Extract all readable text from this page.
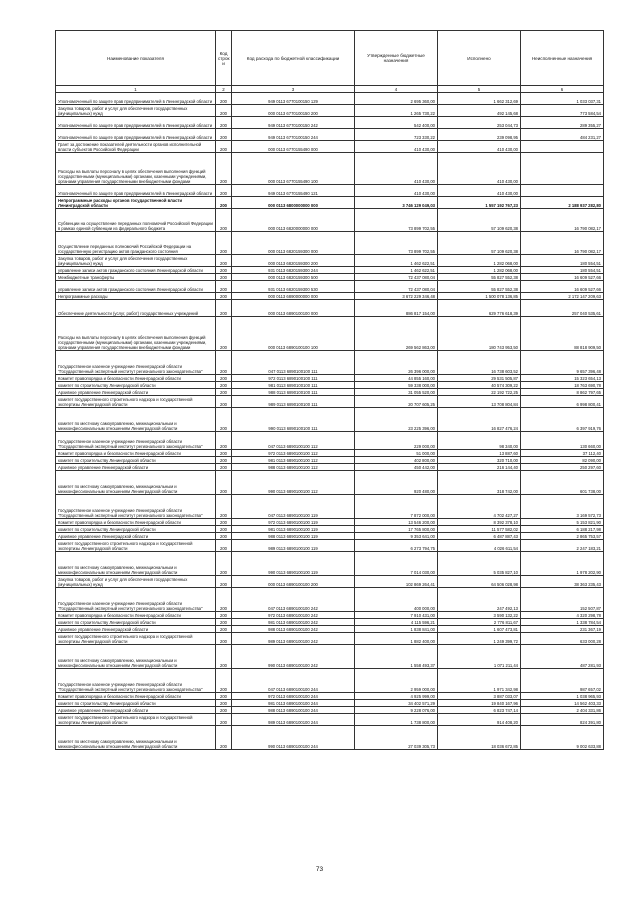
Наименование показателя	Код строк и	Код расхода по бюджетной классификации	Утвержденные бюджетные назначения	Исполнено	Неисполненные назначения
1	2	3	4	5	6
Уполномоченный по защите прав предпринимателей в Ленинградской области	200	949 0113 6770100150 129	2 695 360,00	1 662 312,69	1 033 037,31
Закупка товаров, работ и услуг для обеспечения государственных (муниципальных) нужд	200	000 0113 6770100150 200	1 265 730,22	492 145,68	773 584,54
Уполномоченный по защите прав предпринимателей в Ленинградской области	200	949 0113 6770100150 242	542 400,00	253 044,73	289 355,27
Уполномоченный по защите прав предпринимателей в Ленинградской области	200	949 0113 6770100150 244	723 330,22	239 098,95	484 231,27
Грант за достижение показателей деятельности органов исполнительной власти субъектов Российской Федерации	200	000 0113 6770155490 000	410 430,00	410 430,00	
Расходы на выплаты персоналу в целях обеспечения выполнения функций государственными (муниципальными) органами, казенными учреждениями, органами управления государственными внебюджетными фондами	200	000 0113 6770155490 100	410 430,00	410 430,00	
Уполномоченный по защите прав предпринимателей в Ленинградской области	200	949 0113 6770155490 121	410 430,00	410 430,00	
Непрограммные расходы органов государственной власти Ленинградской области	200	000 0113 6800000000 000	3 746 129 049,03	1 557 192 767,23	2 188 937 282,80
Субвенции на осуществление переданных полномочий Российской Федерации в рамках единой субвенции из федерального бюджета	200	000 0113 6820000000 000	73 899 702,55	57 109 620,38	16 790 082,17
Осуществление переданных полномочий Российской Федерации на государственную регистрацию актов гражданского состояния	200	000 0113 6820159300 000	73 899 702,55	57 109 620,38	16 790 082,17
Закупка товаров, работ и услуг для обеспечения государственных (муниципальных) нужд	200	000 0113 6820159300 200	1 462 622,51	1 282 068,00	180 554,51
управление записи актов гражданского состояния Ленинградской области	200	931 0113 6820159300 244	1 462 622,51	1 282 068,00	180 554,51
Межбюджетные трансферты	200	000 0113 6820159300 500	72 437 080,04	55 827 552,38	16 609 527,66
управление записи актов гражданского состояния Ленинградской области	200	931 0113 6820159300 530	72 437 080,04	55 827 552,38	16 609 527,66
Непрограммные расходы	200	000 0113 6890000000 000	3 672 229 346,48	1 500 078 136,85	2 172 147 209,63
Обеспечение деятельности (услуг, работ) государственных учреждений	200	000 0113 6890100100 000	886 817 154,00	629 776 618,39	257 040 535,61
Расходы на выплаты персоналу в целях обеспечения выполнения функций государственными (муниципальными) органами, казенными учреждениями, органами управления государственными внебюджетными фондами	200	000 0113 6890100100 100	269 562 863,00	180 743 953,50	88 818 909,50
Государственное казенное учреждение Ленинградской области "Государственный экспертный институт регионального законодательства"	200	047 0113 6890100100 111	26 396 000,00	16 738 603,52	9 657 396,48
Комитет правопорядка и безопасности Ленинградской области	200	972 0113 6890100100 111	44 855 160,00	29 531 505,87	15 323 654,13
комитет по строительству Ленинградской области	200	981 0113 6890100100 111	59 338 000,00	40 574 309,22	18 763 690,78
Архивное управление Ленинградской области	200	988 0113 6890100100 111	31 055 520,00	22 192 722,25	8 862 797,65
комитет государственного строительного надзора и государственной экспертизы Ленинградской области	200	989 0113 6890100100 111	20 707 605,25	13 708 804,84	6 998 800,41
комитет по местному самоуправлению, межнациональным и межконфессиональным отношениям Ленинградской области	200	990 0113 6890100100 111	23 225 396,00	16 827 476,24	6 397 919,76
Государственное казенное учреждение Ленинградской области "Государственный экспертный институт регионального законодательства"	200	047 0113 6890100100 112	229 000,00	98 340,00	130 660,00
Комитет правопорядка и безопасности Ленинградской области	200	972 0113 6890100100 112	51 000,00	13 887,60	37 112,40
комитет по строительству Ленинградской области	200	981 0113 6890100100 112	402 800,00	320 710,00	82 090,00
Архивное управление Ленинградской области	200	988 0113 6890100100 112	450 442,00	216 144,40	250 297,60
комитет по местному самоуправлению, межнациональным и межконфессиональным отношениям Ленинградской области	200	990 0113 6890100100 112	920 480,00	318 742,00	601 738,00
Государственное казенное учреждение Ленинградской области "Государственный экспертный институт регионального законодательства"	200	047 0113 6890100100 119	7 872 000,00	4 702 427,27	3 169 572,73
Комитет правопорядка и безопасности Ленинградской области	200	972 0113 6890100100 119	13 546 200,00	8 392 378,10	5 153 821,90
комитет по строительству Ленинградской области	200	981 0113 6890100100 119	17 765 800,00	11 577 582,02	6 188 217,98
Архивное управление Ленинградской области	200	988 0113 6890100100 119	9 353 641,00	6 487 887,43	2 865 753,57
комитет государственного строительного надзора и государственной экспертизы Ленинградской области	200	989 0113 6890100100 119	6 273 794,75	4 026 611,54	2 247 183,21
комитет по местному самоуправлению, межнациональным и межконфессиональным отношениям Ленинградской области	200	990 0113 6890100100 119	7 014 030,00	5 035 827,10	1 978 202,90
Закупка товаров, работ и услуг для обеспечения государственных (муниципальных) нужд	200	000 0113 6890100100 200	102 869 264,41	64 506 028,98	38 363 235,43
Государственное казенное учреждение Ленинградской области "Государственный экспертный институт регионального законодательства"	200	047 0113 6890100100 242	400 000,00	247 492,13	152 507,87
Комитет правопорядка и безопасности Ленинградской области	200	972 0113 6890100100 242	7 910 431,00	3 590 132,22	4 320 298,78
комитет по строительству Ленинградской области	200	981 0113 6890100100 242	4 115 596,21	2 776 811,67	1 338 784,54
Архивное управление Ленинградской области	200	988 0113 6890100100 242	1 838 841,00	1 607 473,81	231 367,19
комитет государственного строительного надзора и государственной экспертизы Ленинградской области	200	989 0113 6890100100 242	1 882 400,00	1 249 399,72	633 000,28
комитет по местному самоуправлению, межнациональным и межконфессиональным отношениям Ленинградской области	200	990 0113 6890100100 242	1 558 493,37	1 071 211,44	487 281,93
Государственное казенное учреждение Ленинградской области "Государственный экспертный институт регионального законодательства"	200	047 0113 6890100100 244	2 959 000,00	1 971 342,98	987 657,02
Комитет правопорядка и безопасности Ленинградской области	200	972 0113 6890100100 244	4 925 999,00	3 887 033,07	1 038 965,93
комитет по строительству Ленинградской области	200	981 0113 6890100100 244	34 402 571,29	19 840 167,96	14 562 403,33
Архивное управление Ленинградской области	200	988 0113 6890100100 244	9 228 076,00	6 823 747,14	2 404 331,86
комитет государственного строительного надзора и государственной экспертизы Ленинградской области	200	989 0113 6890100100 244	1 738 800,00	914 408,20	824 391,80
комитет по местному самоуправлению, межнациональным и межконфессиональным отношениям Ленинградской области	200	990 0113 6890100100 244	27 039 305,73	18 036 672,85	9 002 633,88
73
